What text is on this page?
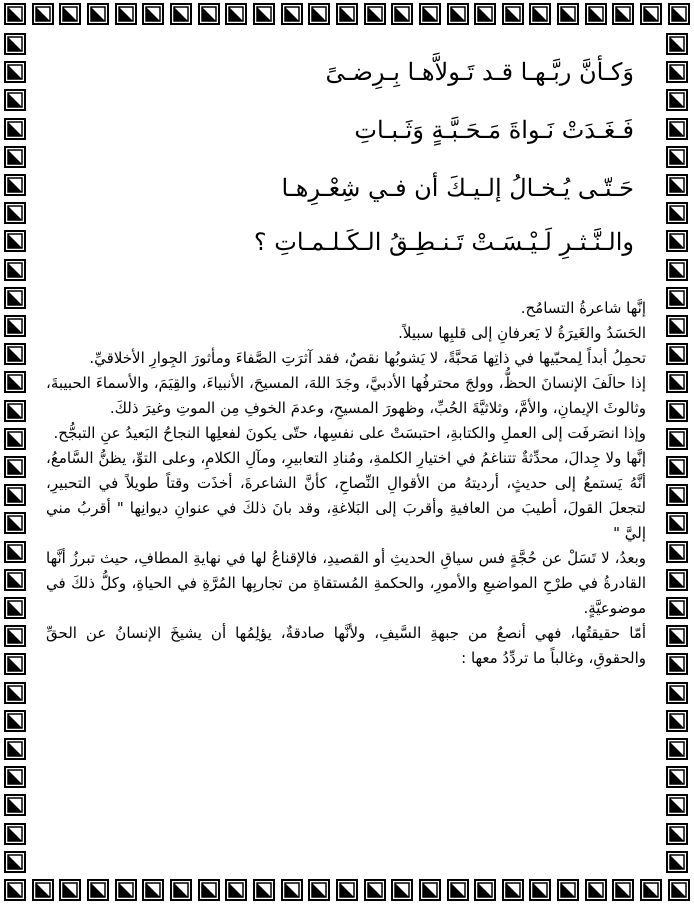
وَكـأنَّ ربَّـهـا قـد تَـولاَّهـا بِـرِضـىً
فَـغَـدَتْ نَـواةَ مَـحَـبَّـةٍ وَثَـبـاتِ
حَـتّـى يُـخـالُ إلـيـكَ أن فـي شِعْـرِهـا
والـنَّـثـرِ لَـيْـسَـتْ تَـنـطِـقُ الـكَـلـمـاتِ ؟

إنَّها شاعرةُ التسامُح.

الحَسَدُ والغَيرَةُ لا يَعرفانِ إلى قلبِها سبيلاً.

تحمِلُ أبداً لِمحبّيها في ذاتِها مَحبَّةً، لا يَشوبُها نقصٌ، فقد آثرَتِ الصَّفاءَ ومأثورَ الجِوارِ الأخلاقيِّ.

إذا حالَفَ الإنسانَ الحظُّ، وولجَ محترفُها الأدبيَّ، وجَدَ اللهَ، المسيحَ، الأنبياءَ، والقِيَمَ، والأسماءَ الحبيبةَ، وثالوثَ الإيمانِ، والأمَّ، وثلاثيَّةَ الحُبِّ، وظهورَ المسيحِ، وعدمَ الخوفِ مِن الموتِ وغيرَ ذلكَ.

وإذا انصَرفَت إلى العملِ والكتابةِ، احتبسَتْ على نفسِها، حتّى يكونَ لفعلِها النجاحُ البَعيدُ عنِ التبجُّح.

إنَّها ولا جِدالَ، محدِّثةٌ تتناغمُ في اختيارِ الكلمةِ، ومُنادِ التعابيرِ، ومآلِ الكلامِ، وعلى التوِّ، يظنُّ السَّامعُ، أنَّهُ يَستمعُ إلى حديثٍ، أرديتهُ من الأقوالِ النِّصاحِ، كأنَّ الشاعرةَ، أخذَت وقتاً طويلاً في التحبيرِ، لتجعلَ القولَ، أطيبَ من العافيةِ وأقربَ إلى البَلاغةِ، وقد بانَ ذلكَ في عنوانِ ديوانِها " أقربُ مني إليَّ "

وبعدُ، لا تَسَلْ عن حُجَّةٍ فس سياقِ الحديثِ أو القصيدِ، فالإقناعُ لها في نهايةِ المطافِ، حيث تبرزُ أنَّها القادرةُ في طرْحِ المواضيعِ والأمورِ، والحكمةِ المُستقاةِ من تجاربِها المُرَّةِ في الحياةِ، وكلُّ ذلكَ في موضوعيَّةٍ.

أمّا حقيقتُها، فهي أنصعُ من جبهةِ السَّيفِ، ولأنَّها صادقةٌ، يؤلِمُها أن يشيخَ الإنسانُ عن الحقِّ والحقوقِ، وغالباً ما تردِّدُ معها :
